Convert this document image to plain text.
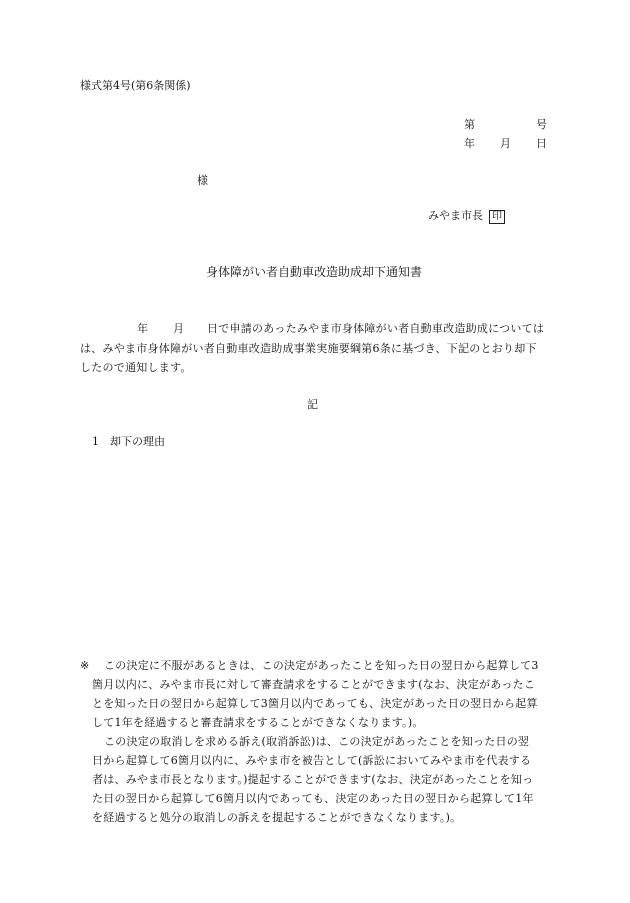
様式第4号(第6条関係)
第	号
年 月 日
様
みやま市長 印
身体障がい者自動車改造助成却下通知書
年 月 日で申請のあったみやま市身体障がい者自動車改造助成については
は、みやま市身体障がい者自動車改造助成事業実施要綱第6条に基づき、下記のとおり却下
したので通知します。
記
1　却下の理由
※ この決定に不服があるときは、この決定があったことを知った日の翌日から起算して3
箇月以内に、みやま市長に対して審査請求をすることができます(なお、決定があったこ
とを知った日の翌日から起算して3箇月以内であっても、決定があった日の翌日から起算
して1年を経過すると審査請求をすることができなくなります。)。
この決定の取消しを求める訴え(取消訴訟)は、この決定があったことを知った日の翌
日から起算して6箇月以内に、みやま市を被告として(訴訟においてみやま市を代表する
者は、みやま市長となります。)提起することができます(なお、決定があったことを知っ
た日の翌日から起算して6箇月以内であっても、決定のあった日の翌日から起算して1年
を経過すると処分の取消しの訴えを提起することができなくなります。)。
